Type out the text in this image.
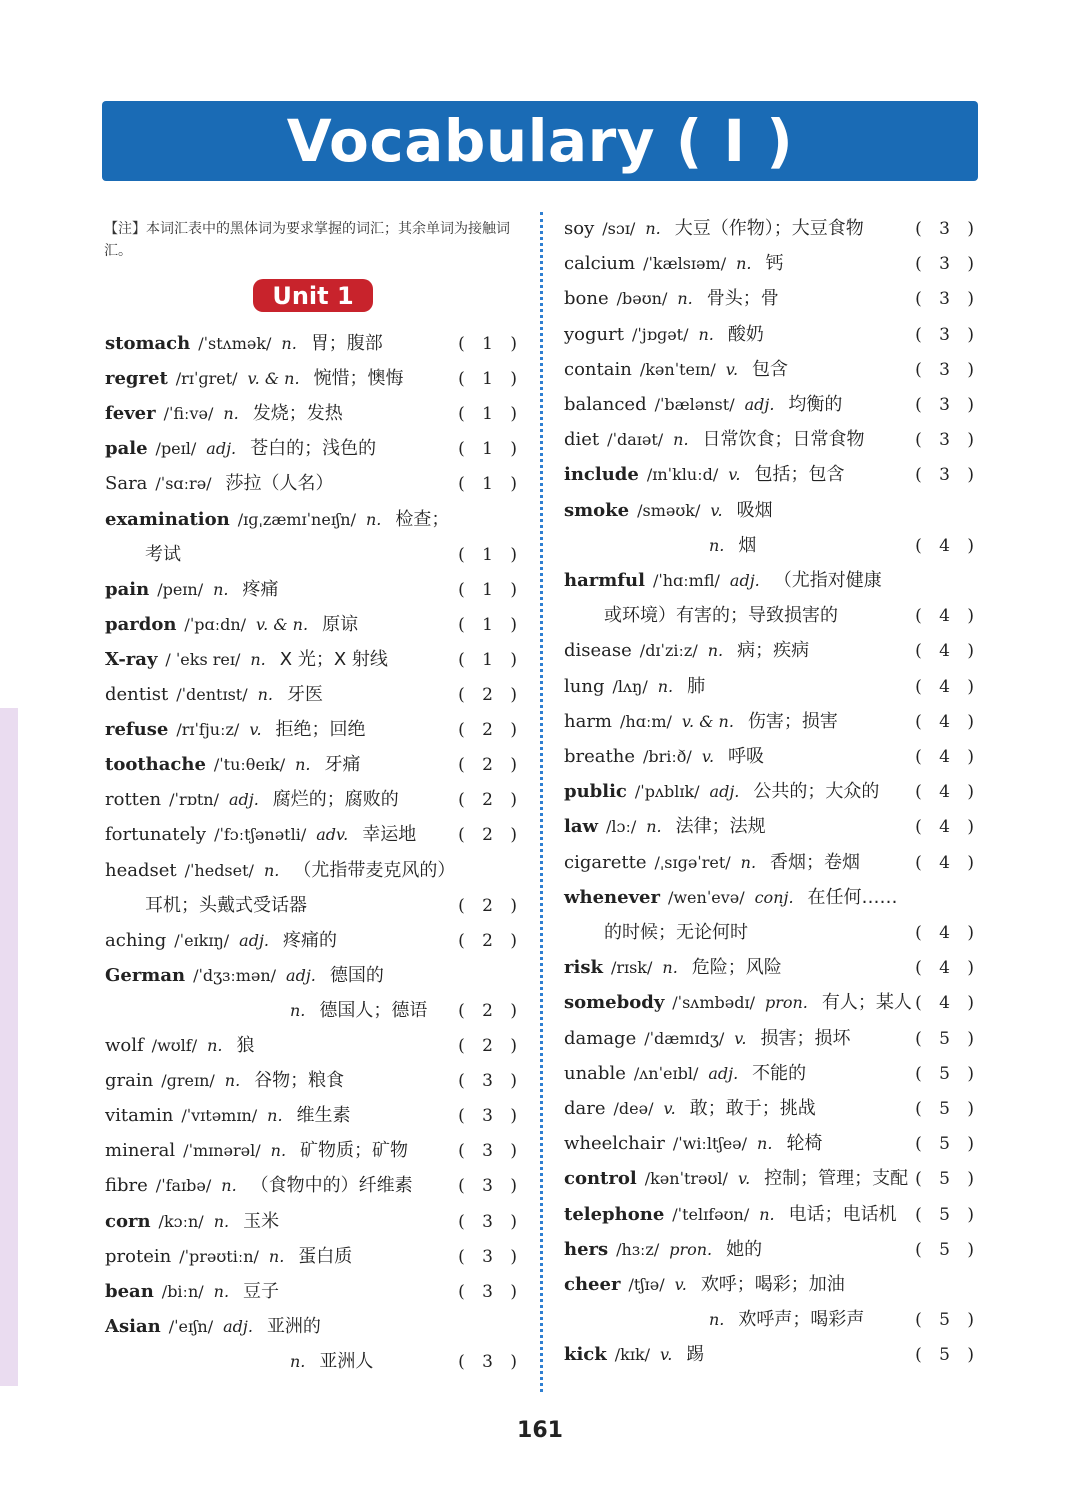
Vocabulary ( I )
【注】本词汇表中的黑体词为要求掌握的词汇；其余单词为接触词汇。
Unit 1
161
stomach /ˈstʌmək/ n. 胃；腹部	( 1 )
regret /rɪˈɡret/ v. & n. 惋惜；懊悔	( 1 )
fever /ˈfiːvə/ n. 发烧；发热	( 1 )
pale /peɪl/ adj. 苍白的；浅色的	( 1 )
Sara /ˈsɑːrə/ 莎拉（人名）	( 1 )
examination /ɪɡˌzæmɪˈneɪʃn/ n. 检查；
考试	( 1 )
pain /peɪn/ n. 疼痛	( 1 )
pardon /ˈpɑːdn/ v. & n. 原谅	( 1 )
X-ray / ˈeks reɪ/ n. X 光；X 射线	( 1 )
dentist /ˈdentɪst/ n. 牙医	( 2 )
refuse /rɪˈfjuːz/ v. 拒绝；回绝	( 2 )
toothache /ˈtuːθeɪk/ n. 牙痛	( 2 )
rotten /ˈrɒtn/ adj. 腐烂的；腐败的	( 2 )
fortunately /ˈfɔːtʃənətli/ adv. 幸运地 ( 2 )
headset /ˈhedset/ n. （尤指带麦克风的）
耳机；头戴式受话器	( 2 )
aching /ˈeɪkɪŋ/ adj. 疼痛的	( 2 )
German /ˈdʒɜːmən/ adj. 德国的
n. 德国人；德语 ( 2 )
wolf /wʊlf/ n. 狼	( 2 )
grain /ɡreɪn/ n. 谷物；粮食	( 3 )
vitamin /ˈvɪtəmɪn/ n. 维生素	( 3 )
mineral /ˈmɪnərəl/ n. 矿物质；矿物	( 3 )
fibre /ˈfaɪbə/ n. （食物中的）纤维素	( 3 )
corn /kɔːn/ n. 玉米	( 3 )
protein /ˈprəʊtiːn/ n. 蛋白质	( 3 )
bean /biːn/ n. 豆子	( 3 )
Asian /ˈeɪʃn/ adj. 亚洲的
n. 亚洲人	( 3 )
soy /sɔɪ/ n. 大豆（作物）；大豆食物	( 3 )
calcium /ˈkælsɪəm/ n. 钙	( 3 )
bone /bəʊn/ n. 骨头；骨	( 3 )
yogurt /ˈjɒɡət/ n. 酸奶	( 3 )
contain /kənˈteɪn/ v. 包含	( 3 )
balanced /ˈbælənst/ adj. 均衡的	( 3 )
diet /ˈdaɪət/ n. 日常饮食；日常食物	( 3 )
include /ɪnˈkluːd/ v. 包括；包含	( 3 )
smoke /sməʊk/ v. 吸烟
n. 烟	( 4 )
harmful /ˈhɑːmfl/ adj. （尤指对健康
或环境）有害的；导致损害的	( 4 )
disease /dɪˈziːz/ n. 病；疾病	( 4 )
lung /lʌŋ/ n. 肺	( 4 )
harm /hɑːm/ v. & n. 伤害；损害	( 4 )
breathe /briːð/ v. 呼吸	( 4 )
public /ˈpʌblɪk/ adj. 公共的；大众的 ( 4 )
law /lɔː/ n. 法律；法规	( 4 )
cigarette /ˌsɪɡəˈret/ n. 香烟；卷烟	( 4 )
whenever /wenˈevə/ conj. 在任何……
的时候；无论何时	( 4 )
risk /rɪsk/ n. 危险；风险	( 4 )
somebody /ˈsʌmbədɪ/ pron. 有人；某人 ( 4 )
damage /ˈdæmɪdʒ/ v. 损害；损坏	( 5 )
unable /ʌnˈeɪbl/ adj. 不能的	( 5 )
dare /deə/ v. 敢；敢于；挑战	( 5 )
wheelchair /ˈwiːltʃeə/ n. 轮椅	( 5 )
control /kənˈtrəʊl/ v. 控制；管理；支配 ( 5 )
telephone /ˈtelɪfəʊn/ n. 电话；电话机 ( 5 )
hers /hɜːz/ pron. 她的	( 5 )
cheer /tʃɪə/ v. 欢呼；喝彩；加油
n. 欢呼声；喝彩声	( 5 )
kick /kɪk/ v. 踢	( 5 )
